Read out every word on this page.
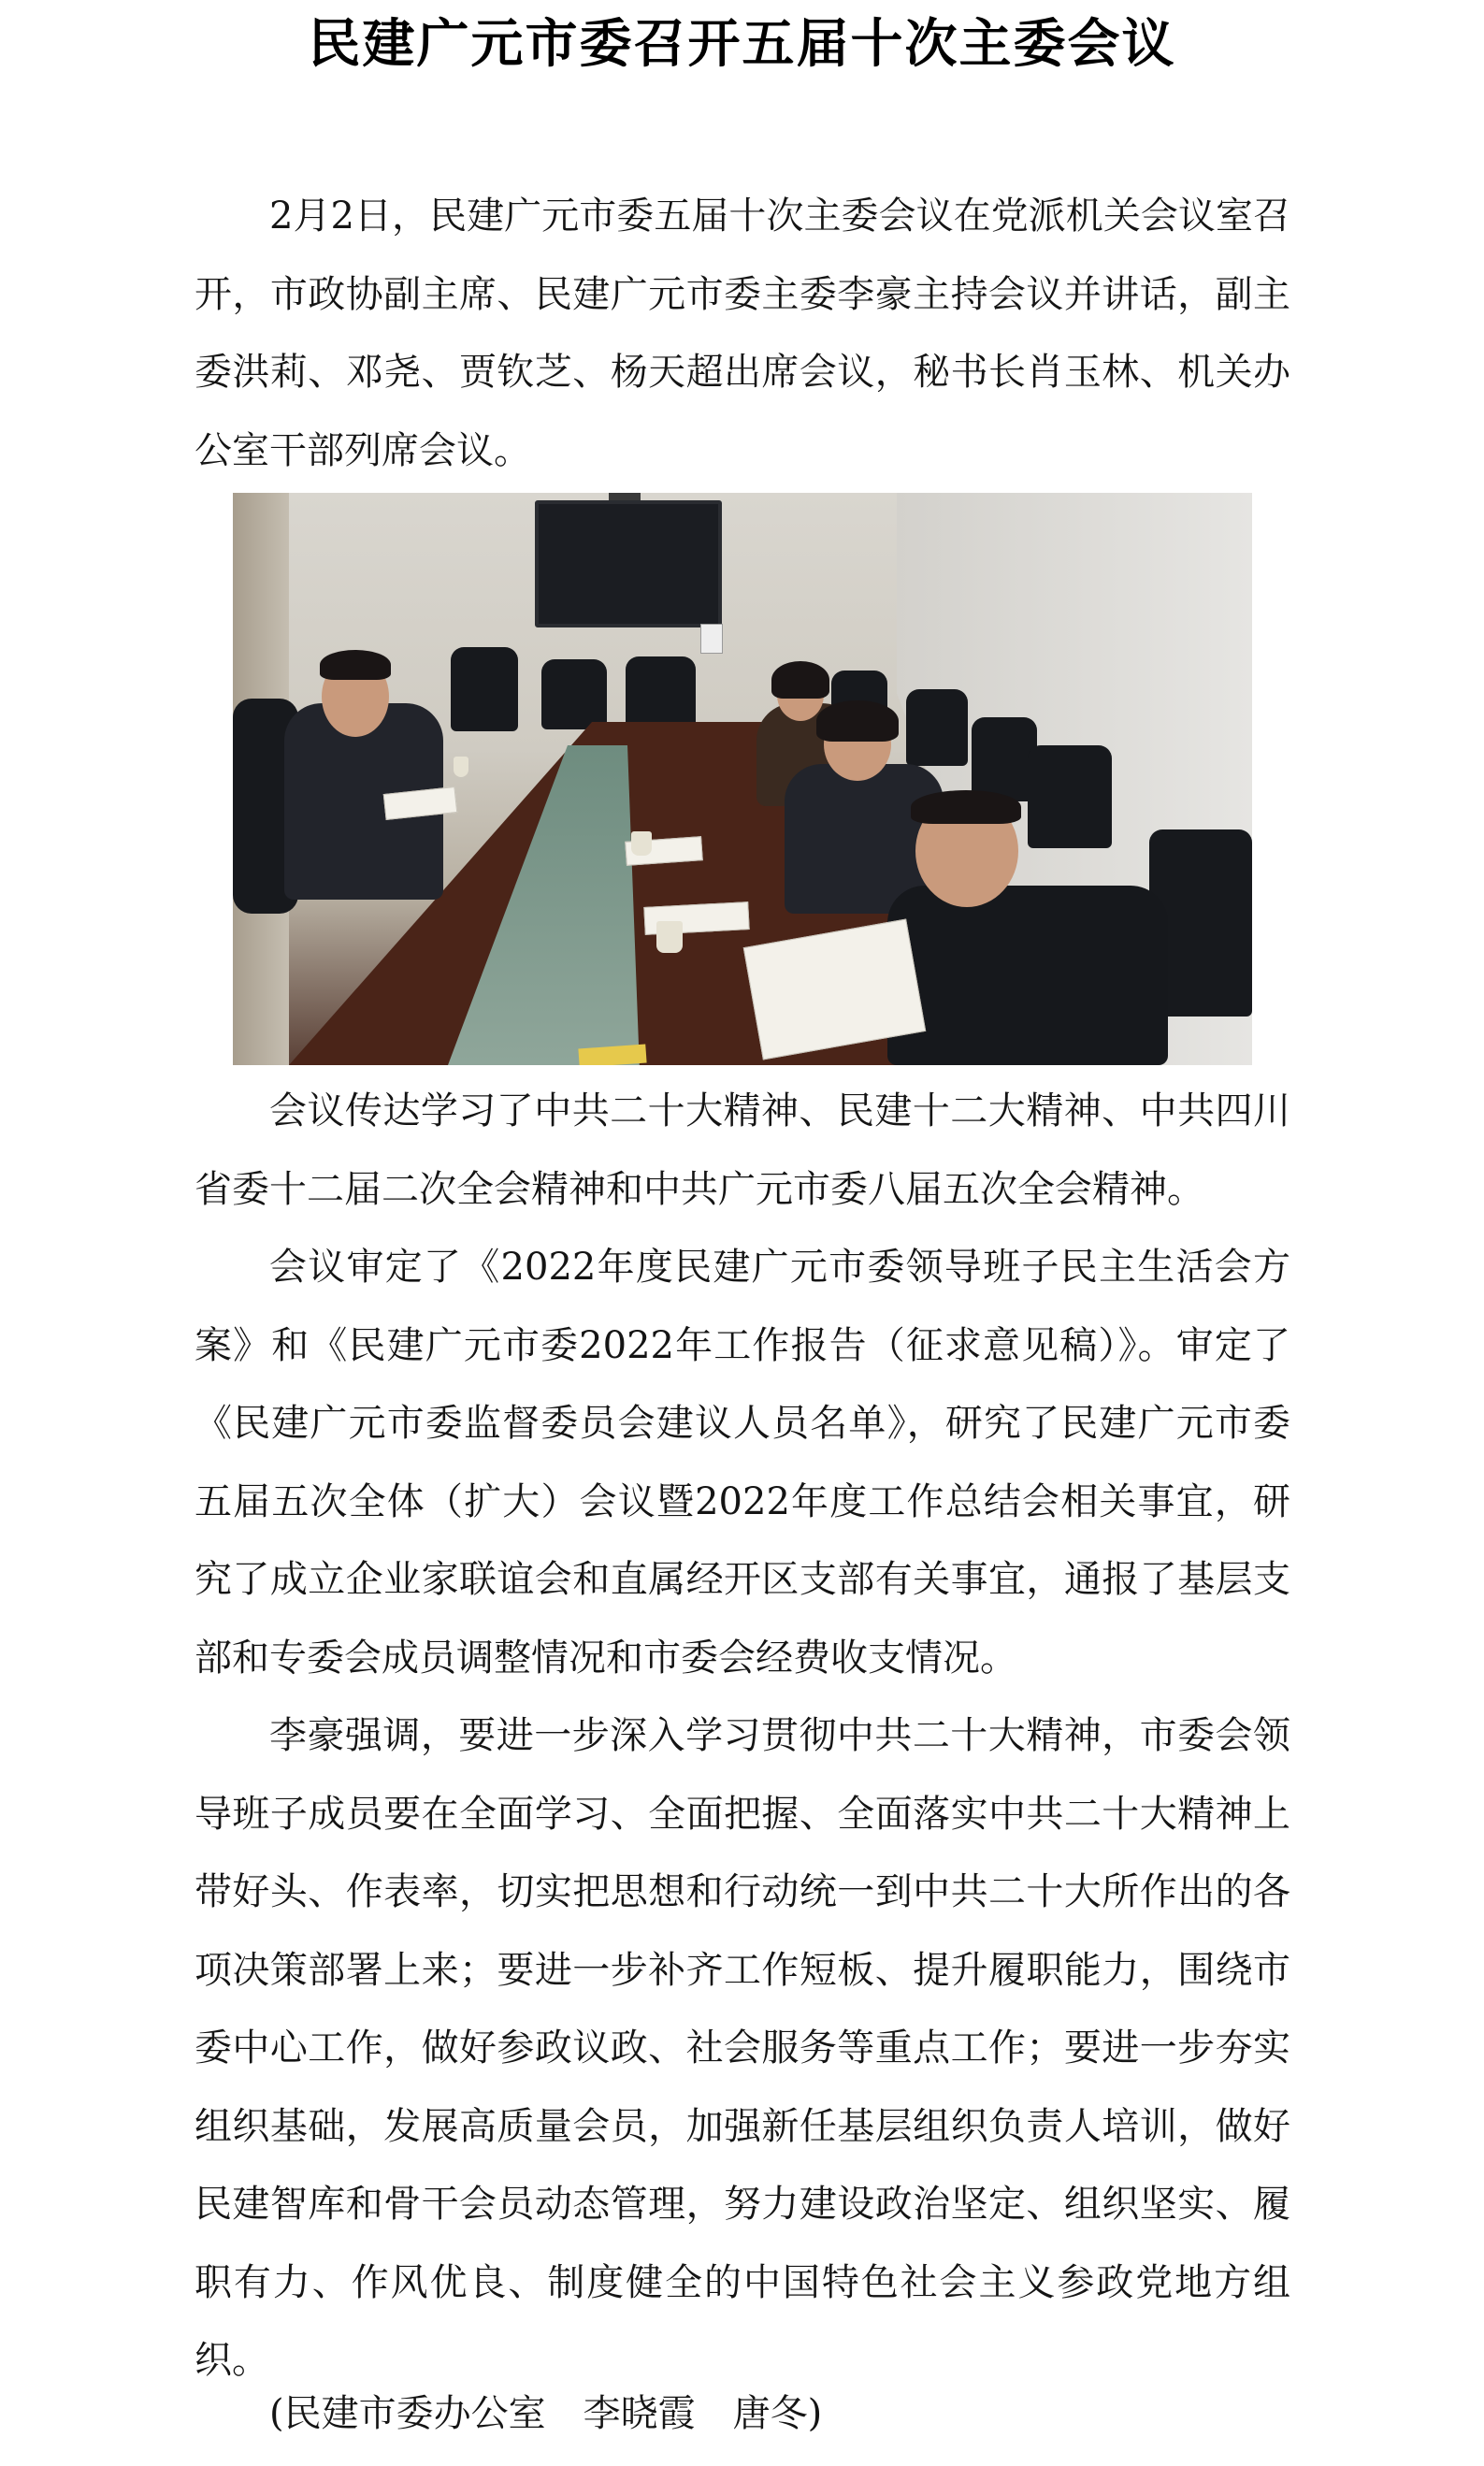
民建广元市委召开五届十次主委会议

2月2日，民建广元市委五届十次主委会议在党派机关会议室召开，市政协副主席、民建广元市委主委李豪主持会议并讲话，副主委洪莉、邓尧、贾钦芝、杨天超出席会议，秘书长肖玉林、机关办公室干部列席会议。

会议传达学习了中共二十大精神、民建十二大精神、中共四川省委十二届二次全会精神和中共广元市委八届五次全会精神。

会议审定了《2022年度民建广元市委领导班子民主生活会方案》和《民建广元市委2022年工作报告（征求意见稿）》。审定了《民建广元市委监督委员会建议人员名单》，研究了民建广元市委五届五次全体（扩大）会议暨2022年度工作总结会相关事宜，研究了成立企业家联谊会和直属经开区支部有关事宜，通报了基层支部和专委会成员调整情况和市委会经费收支情况。

李豪强调，要进一步深入学习贯彻中共二十大精神，市委会领导班子成员要在全面学习、全面把握、全面落实中共二十大精神上带好头、作表率，切实把思想和行动统一到中共二十大所作出的各项决策部署上来；要进一步补齐工作短板、提升履职能力，围绕市委中心工作，做好参政议政、社会服务等重点工作；要进一步夯实组织基础，发展高质量会员，加强新任基层组织负责人培训，做好民建智库和骨干会员动态管理，努力建设政治坚定、组织坚实、履职有力、作风优良、制度健全的中国特色社会主义参政党地方组织。

(民建市委办公室　李晓霞　唐冬)
